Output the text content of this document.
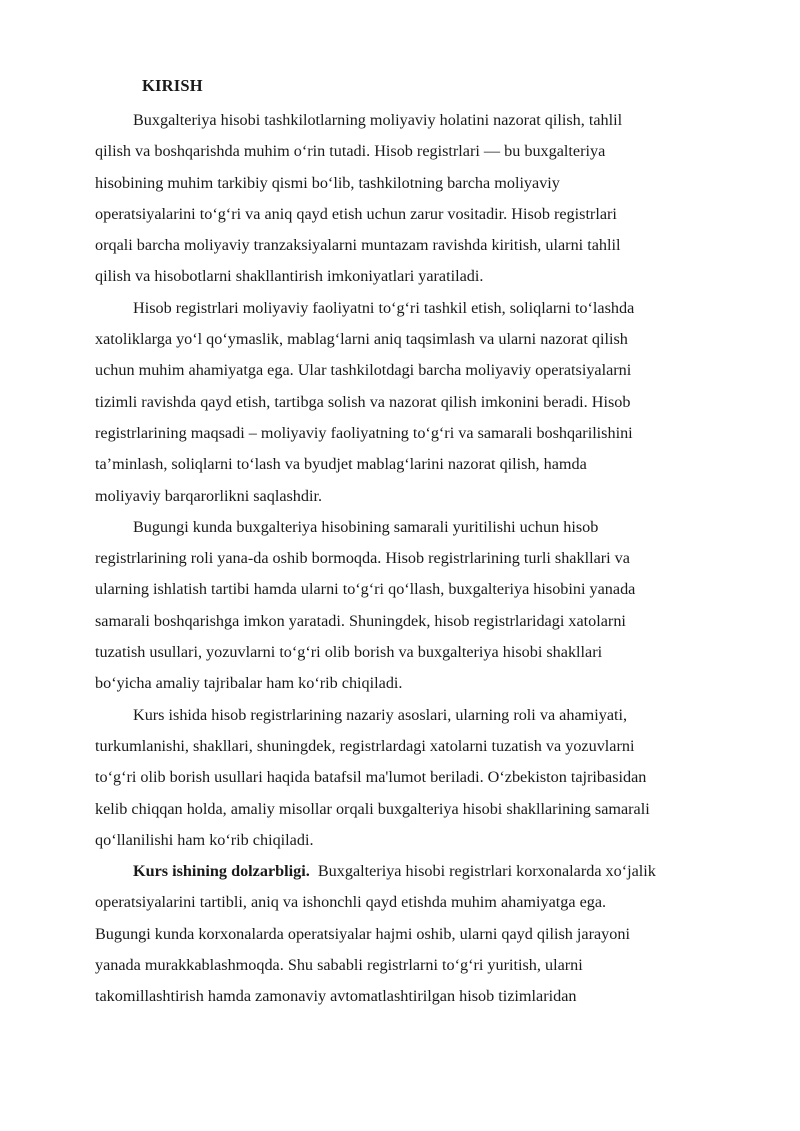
KIRISH

Buxgalteriya hisobi tashkilotlarning moliyaviy holatini nazorat qilish, tahlil
qilish va boshqarishda muhim oʻrin tutadi. Hisob registrlari — bu buxgalteriya
hisobining muhim tarkibiy qismi boʻlib, tashkilotning barcha moliyaviy
operatsiyalarini toʻgʻri va aniq qayd etish uchun zarur vositadir. Hisob registrlari
orqali barcha moliyaviy tranzaksiyalarni muntazam ravishda kiritish, ularni tahlil
qilish va hisobotlarni shakllantirish imkoniyatlari yaratiladi.

Hisob registrlari moliyaviy faoliyatni toʻgʻri tashkil etish, soliqlarni toʻlashda
xatoliklarga yoʻl qoʻymaslik, mablagʻlarni aniq taqsimlash va ularni nazorat qilish
uchun muhim ahamiyatga ega. Ular tashkilotdagi barcha moliyaviy operatsiyalarni
tizimli ravishda qayd etish, tartibga solish va nazorat qilish imkonini beradi. Hisob
registrlarining maqsadi – moliyaviy faoliyatning toʻgʻri va samarali boshqarilishini
taʼminlash, soliqlarni toʻlash va byudjet mablagʻlarini nazorat qilish, hamda
moliyaviy barqarorlikni saqlashdir.

Bugungi kunda buxgalteriya hisobining samarali yuritilishi uchun hisob
registrlarining roli yana-da oshib bormoqda. Hisob registrlarining turli shakllari va
ularning ishlatish tartibi hamda ularni toʻgʻri qoʻllash, buxgalteriya hisobini yanada
samarali boshqarishga imkon yaratadi. Shuningdek, hisob registrlaridagi xatolarni
tuzatish usullari, yozuvlarni toʻgʻri olib borish va buxgalteriya hisobi shakllari
boʻyicha amaliy tajribalar ham koʻrib chiqiladi.

Kurs ishida hisob registrlarining nazariy asoslari, ularning roli va ahamiyati,
turkumlanishi, shakllari, shuningdek, registrlardagi xatolarni tuzatish va yozuvlarni
toʻgʻri olib borish usullari haqida batafsil ma'lumot beriladi. Oʻzbekiston tajribasidan
kelib chiqqan holda, amaliy misollar orqali buxgalteriya hisobi shakllarining samarali
qoʻllanilishi ham koʻrib chiqiladi.

Kurs ishining dolzarbligi. Buxgalteriya hisobi registrlari korxonalarda xoʻjalik
operatsiyalarini tartibli, aniq va ishonchli qayd etishda muhim ahamiyatga ega.
Bugungi kunda korxonalarda operatsiyalar hajmi oshib, ularni qayd qilish jarayoni
yanada murakkablashmoqda. Shu sababli registrlarni toʻgʻri yuritish, ularni
takomillashtirish hamda zamonaviy avtomatlashtirilgan hisob tizimlaridan
